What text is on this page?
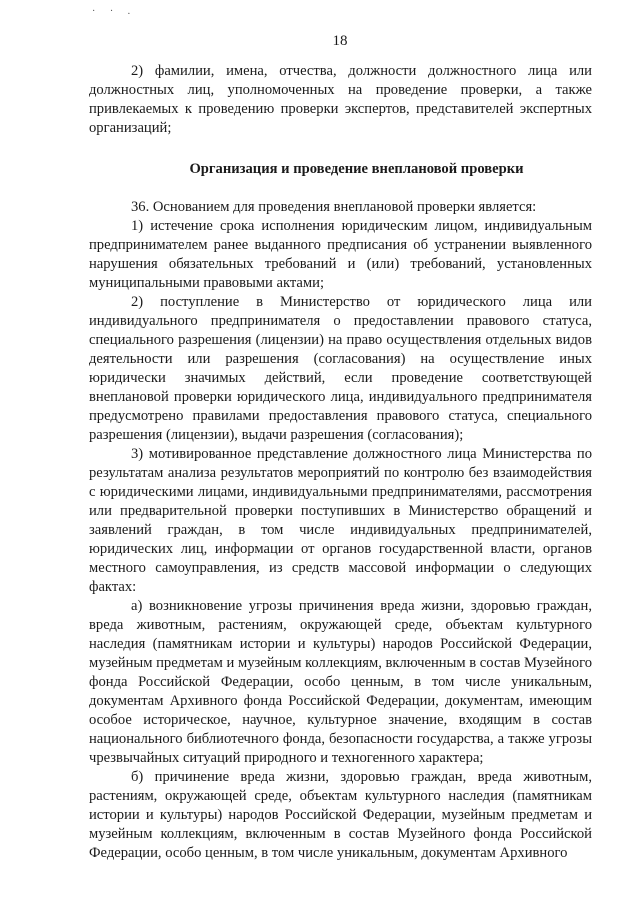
· · .
18

2) фамилии, имена, отчества, должности должностного лица или должностных лиц, уполномоченных на проведение проверки, а также привлекаемых к проведению проверки экспертов, представителей экспертных организаций;

Организация и проведение внеплановой проверки

36. Основанием для проведения внеплановой проверки является:

1) истечение срока исполнения юридическим лицом, индивидуальным предпринимателем ранее выданного предписания об устранении выявленного нарушения обязательных требований и (или) требований, установленных муниципальными правовыми актами;

2) поступление в Министерство от юридического лица или индивидуального предпринимателя о предоставлении правового статуса, специального разрешения (лицензии) на право осуществления отдельных видов деятельности или разрешения (согласования) на осуществление иных юридически значимых действий, если проведение соответствующей внеплановой проверки юридического лица, индивидуального предпринимателя предусмотрено правилами предоставления правового статуса, специального разрешения (лицензии), выдачи разрешения (согласования);

3) мотивированное представление должностного лица Министерства по результатам анализа результатов мероприятий по контролю без взаимодействия с юридическими лицами, индивидуальными предпринимателями, рассмотрения или предварительной проверки поступивших в Министерство обращений и заявлений граждан, в том числе индивидуальных предпринимателей, юридических лиц, информации от органов государственной власти, органов местного самоуправления, из средств массовой информации о следующих фактах:

а) возникновение угрозы причинения вреда жизни, здоровью граждан, вреда животным, растениям, окружающей среде, объектам культурного наследия (памятникам истории и культуры) народов Российской Федерации, музейным предметам и музейным коллекциям, включенным в состав Музейного фонда Российской Федерации, особо ценным, в том числе уникальным, документам Архивного фонда Российской Федерации, документам, имеющим особое историческое, научное, культурное значение, входящим в состав национального библиотечного фонда, безопасности государства, а также угрозы чрезвычайных ситуаций природного и техногенного характера;

б) причинение вреда жизни, здоровью граждан, вреда животным, растениям, окружающей среде, объектам культурного наследия (памятникам истории и культуры) народов Российской Федерации, музейным предметам и музейным коллекциям, включенным в состав Музейного фонда Российской Федерации, особо ценным, в том числе уникальным, документам Архивного
